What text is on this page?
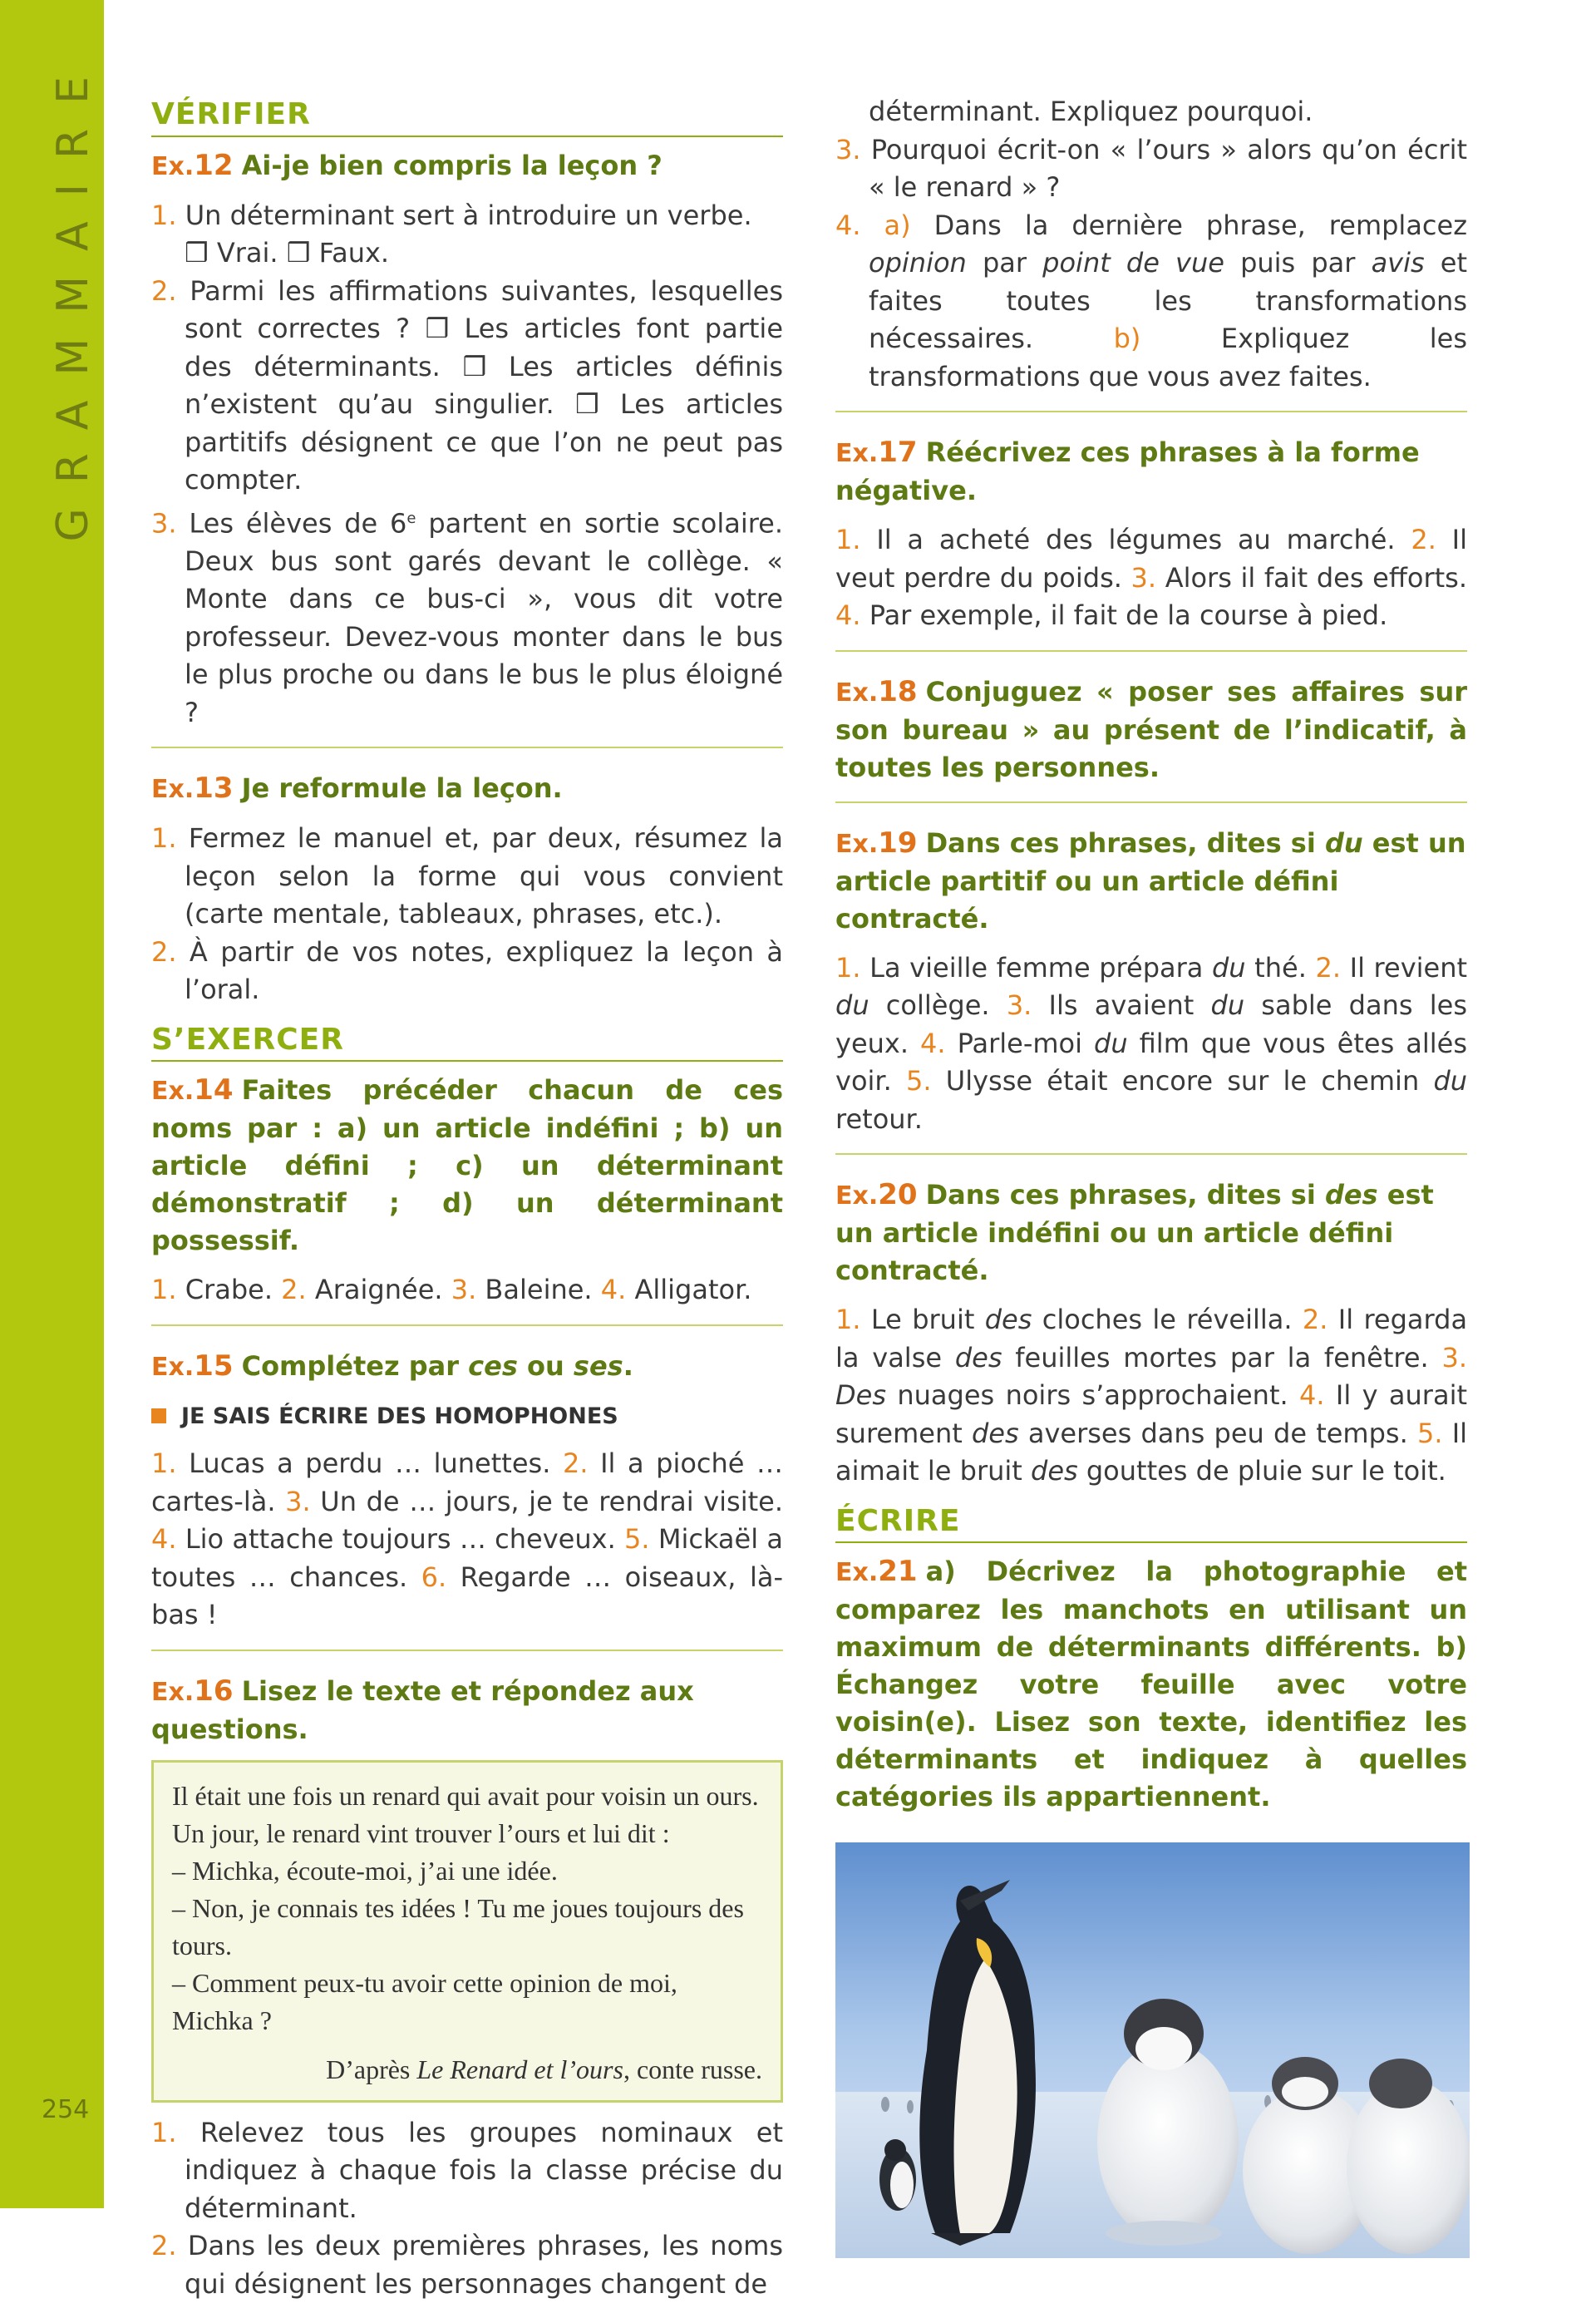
GRAMMAIRE
254
VÉRIFIER
Ex.12 Ai-je bien compris la leçon ?
1. Un déterminant sert à introduire un verbe.
❒ Vrai. ❒ Faux.
2. Parmi les affirmations suivantes, lesquelles sont correctes ? ❒ Les articles font partie des déterminants. ❒ Les articles définis n’existent qu’au singulier. ❒ Les articles partitifs désignent ce que l’on ne peut pas compter.
3. Les élèves de 6e partent en sortie scolaire. Deux bus sont garés devant le collège. « Monte dans ce bus-ci », vous dit votre professeur. Devez-vous monter dans le bus le plus proche ou dans le bus le plus éloigné ?
Ex.13 Je reformule la leçon.
1. Fermez le manuel et, par deux, résumez la leçon selon la forme qui vous convient (carte mentale, tableaux, phrases, etc.).
2. À partir de vos notes, expliquez la leçon à l’oral.
S’EXERCER
Ex.14 Faites précéder chacun de ces noms par : a) un article indéfini ; b) un article défini ; c) un déterminant démonstratif ; d) un déterminant possessif.
1. Crabe. 2. Araignée. 3. Baleine. 4. Alligator.
Ex.15 Complétez par ces ou ses.
JE SAIS ÉCRIRE DES HOMOPHONES
1. Lucas a perdu … lunettes. 2. Il a pioché … cartes-là. 3. Un de … jours, je te rendrai visite. 4. Lio attache toujours … cheveux. 5. Mickaël a toutes … chances. 6. Regarde … oiseaux, là-bas !
Ex.16 Lisez le texte et répondez aux questions.
Il était une fois un renard qui avait pour voisin un ours. Un jour, le renard vint trouver l’ours et lui dit :
– Michka, écoute-moi, j’ai une idée.
– Non, je connais tes idées ! Tu me joues toujours des tours.
– Comment peux-tu avoir cette opinion de moi, Michka ?
D’après Le Renard et l’ours, conte russe.
1. Relevez tous les groupes nominaux et indiquez à chaque fois la classe précise du déterminant.
2. Dans les deux premières phrases, les noms qui désignent les personnages changent de
déterminant. Expliquez pourquoi.
3. Pourquoi écrit-on « l’ours » alors qu’on écrit « le renard » ?
4. a) Dans la dernière phrase, remplacez opinion par point de vue puis par avis et faites toutes les transformations nécessaires. b) Expliquez les transformations que vous avez faites.
Ex.17 Réécrivez ces phrases à la forme négative.
1. Il a acheté des légumes au marché. 2. Il veut perdre du poids. 3. Alors il fait des efforts. 4. Par exemple, il fait de la course à pied.
Ex.18 Conjuguez « poser ses affaires sur son bureau » au présent de l’indicatif, à toutes les personnes.
Ex.19 Dans ces phrases, dites si du est un article partitif ou un article défini contracté.
1. La vieille femme prépara du thé. 2. Il revient du collège. 3. Ils avaient du sable dans les yeux. 4. Parle-moi du film que vous êtes allés voir. 5. Ulysse était encore sur le chemin du retour.
Ex.20 Dans ces phrases, dites si des est un article indéfini ou un article défini contracté.
1. Le bruit des cloches le réveilla. 2. Il regarda la valse des feuilles mortes par la fenêtre. 3. Des nuages noirs s’approchaient. 4. Il y aurait surement des averses dans peu de temps. 5. Il aimait le bruit des gouttes de pluie sur le toit.
ÉCRIRE
Ex.21 a) Décrivez la photographie et comparez les manchots en utilisant un maximum de déterminants différents. b) Échangez votre feuille avec votre voisin(e). Lisez son texte, identifiez les déterminants et indiquez à quelles catégories ils appartiennent.
